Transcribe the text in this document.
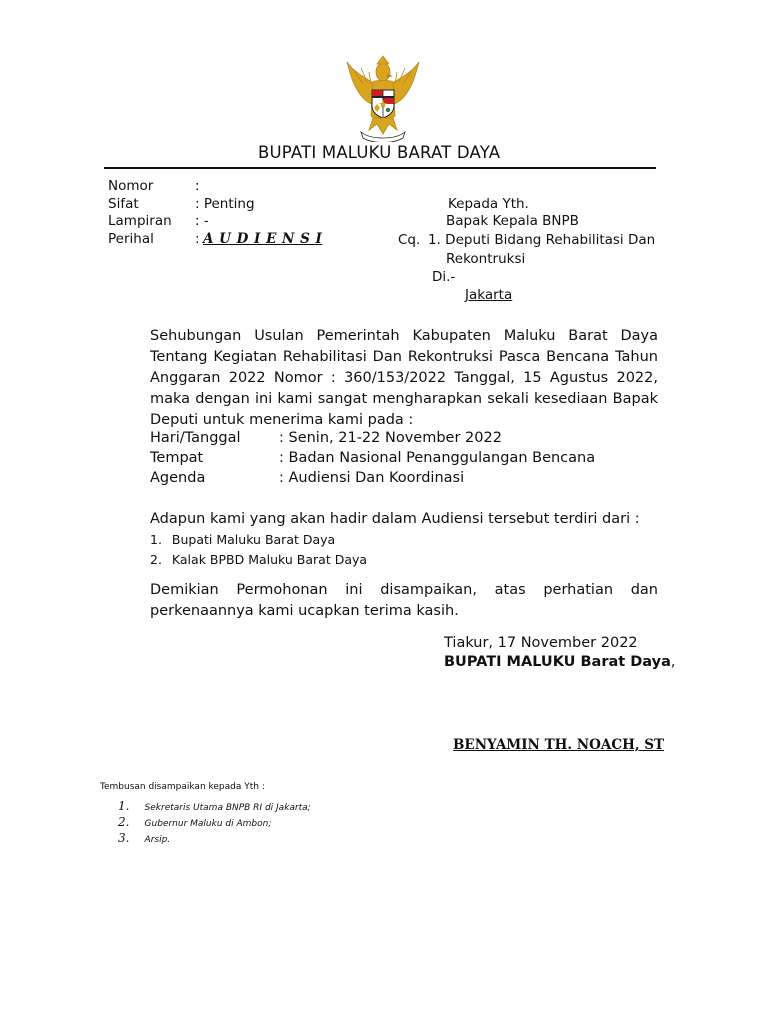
BUPATI MALUKU BARAT DAYA
Nomor	:
Sifat	: Penting
Lampiran : -
Perihal	: A U D I E N S I
Kepada Yth.
Bapak Kepala BNPB
Cq. 1. Deputi Bidang Rehabilitasi Dan
Rekontruksi
Di.-
Jakarta
Sehubungan Usulan Pemerintah Kabupaten Maluku Barat Daya Tentang Kegiatan Rehabilitasi Dan Rekontruksi Pasca Bencana Tahun Anggaran 2022 Nomor : 360/153/2022 Tanggal, 15 Agustus 2022, maka dengan ini kami sangat mengharapkan sekali kesediaan Bapak Deputi untuk menerima kami pada :
Hari/Tanggal	: Senin, 21-22 November 2022
Tempat	: Badan Nasional Penanggulangan Bencana
Agenda	: Audiensi Dan Koordinasi
Adapun kami yang akan hadir dalam Audiensi tersebut terdiri dari :
1. Bupati Maluku Barat Daya
2. Kalak BPBD Maluku Barat Daya
Demikian Permohonan ini disampaikan, atas perhatian dan perkenaannya kami ucapkan terima kasih.
Tiakur, 17 November 2022
BUPATI MALUKU Barat Daya,
BENYAMIN TH. NOACH, ST
Tembusan disampaikan kepada Yth :
1. Sekretaris Utama BNPB RI di Jakarta;
2. Gubernur Maluku di Ambon;
3. Arsip.
